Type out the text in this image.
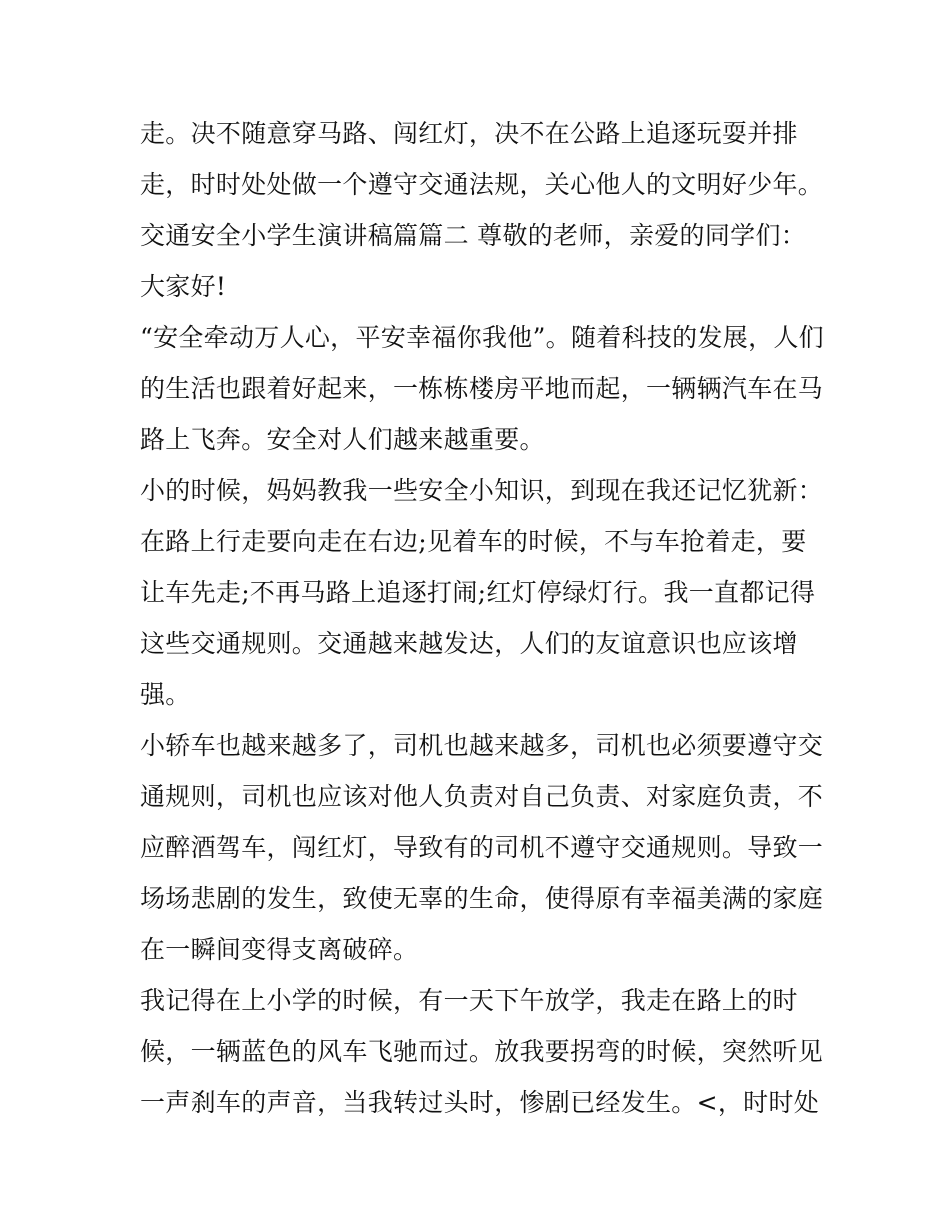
走。决不随意穿马路、闯红灯，决不在公路上追逐玩耍并排
走，时时处处做一个遵守交通法规，关心他人的文明好少年。
交通安全小学生演讲稿篇篇二 尊敬的老师，亲爱的同学们：
大家好!
“安全牵动万人心，平安幸福你我他”。随着科技的发展，人们
的生活也跟着好起来，一栋栋楼房平地而起，一辆辆汽车在马
路上飞奔。安全对人们越来越重要。
小的时候，妈妈教我一些安全小知识，到现在我还记忆犹新：
在路上行走要向走在右边;见着车的时候，不与车抢着走，要
让车先走;不再马路上追逐打闹;红灯停绿灯行。我一直都记得
这些交通规则。交通越来越发达，人们的友谊意识也应该增
强。
小轿车也越来越多了，司机也越来越多，司机也必须要遵守交
通规则，司机也应该对他人负责对自己负责、对家庭负责，不
应醉酒驾车，闯红灯，导致有的司机不遵守交通规则。导致一
场场悲剧的发生，致使无辜的生命，使得原有幸福美满的家庭
在一瞬间变得支离破碎。
我记得在上小学的时候，有一天下午放学，我走在路上的时
候，一辆蓝色的风车飞驰而过。放我要拐弯的时候，突然听见
一声刹车的声音，当我转过头时，惨剧已经发生。<，时时处
